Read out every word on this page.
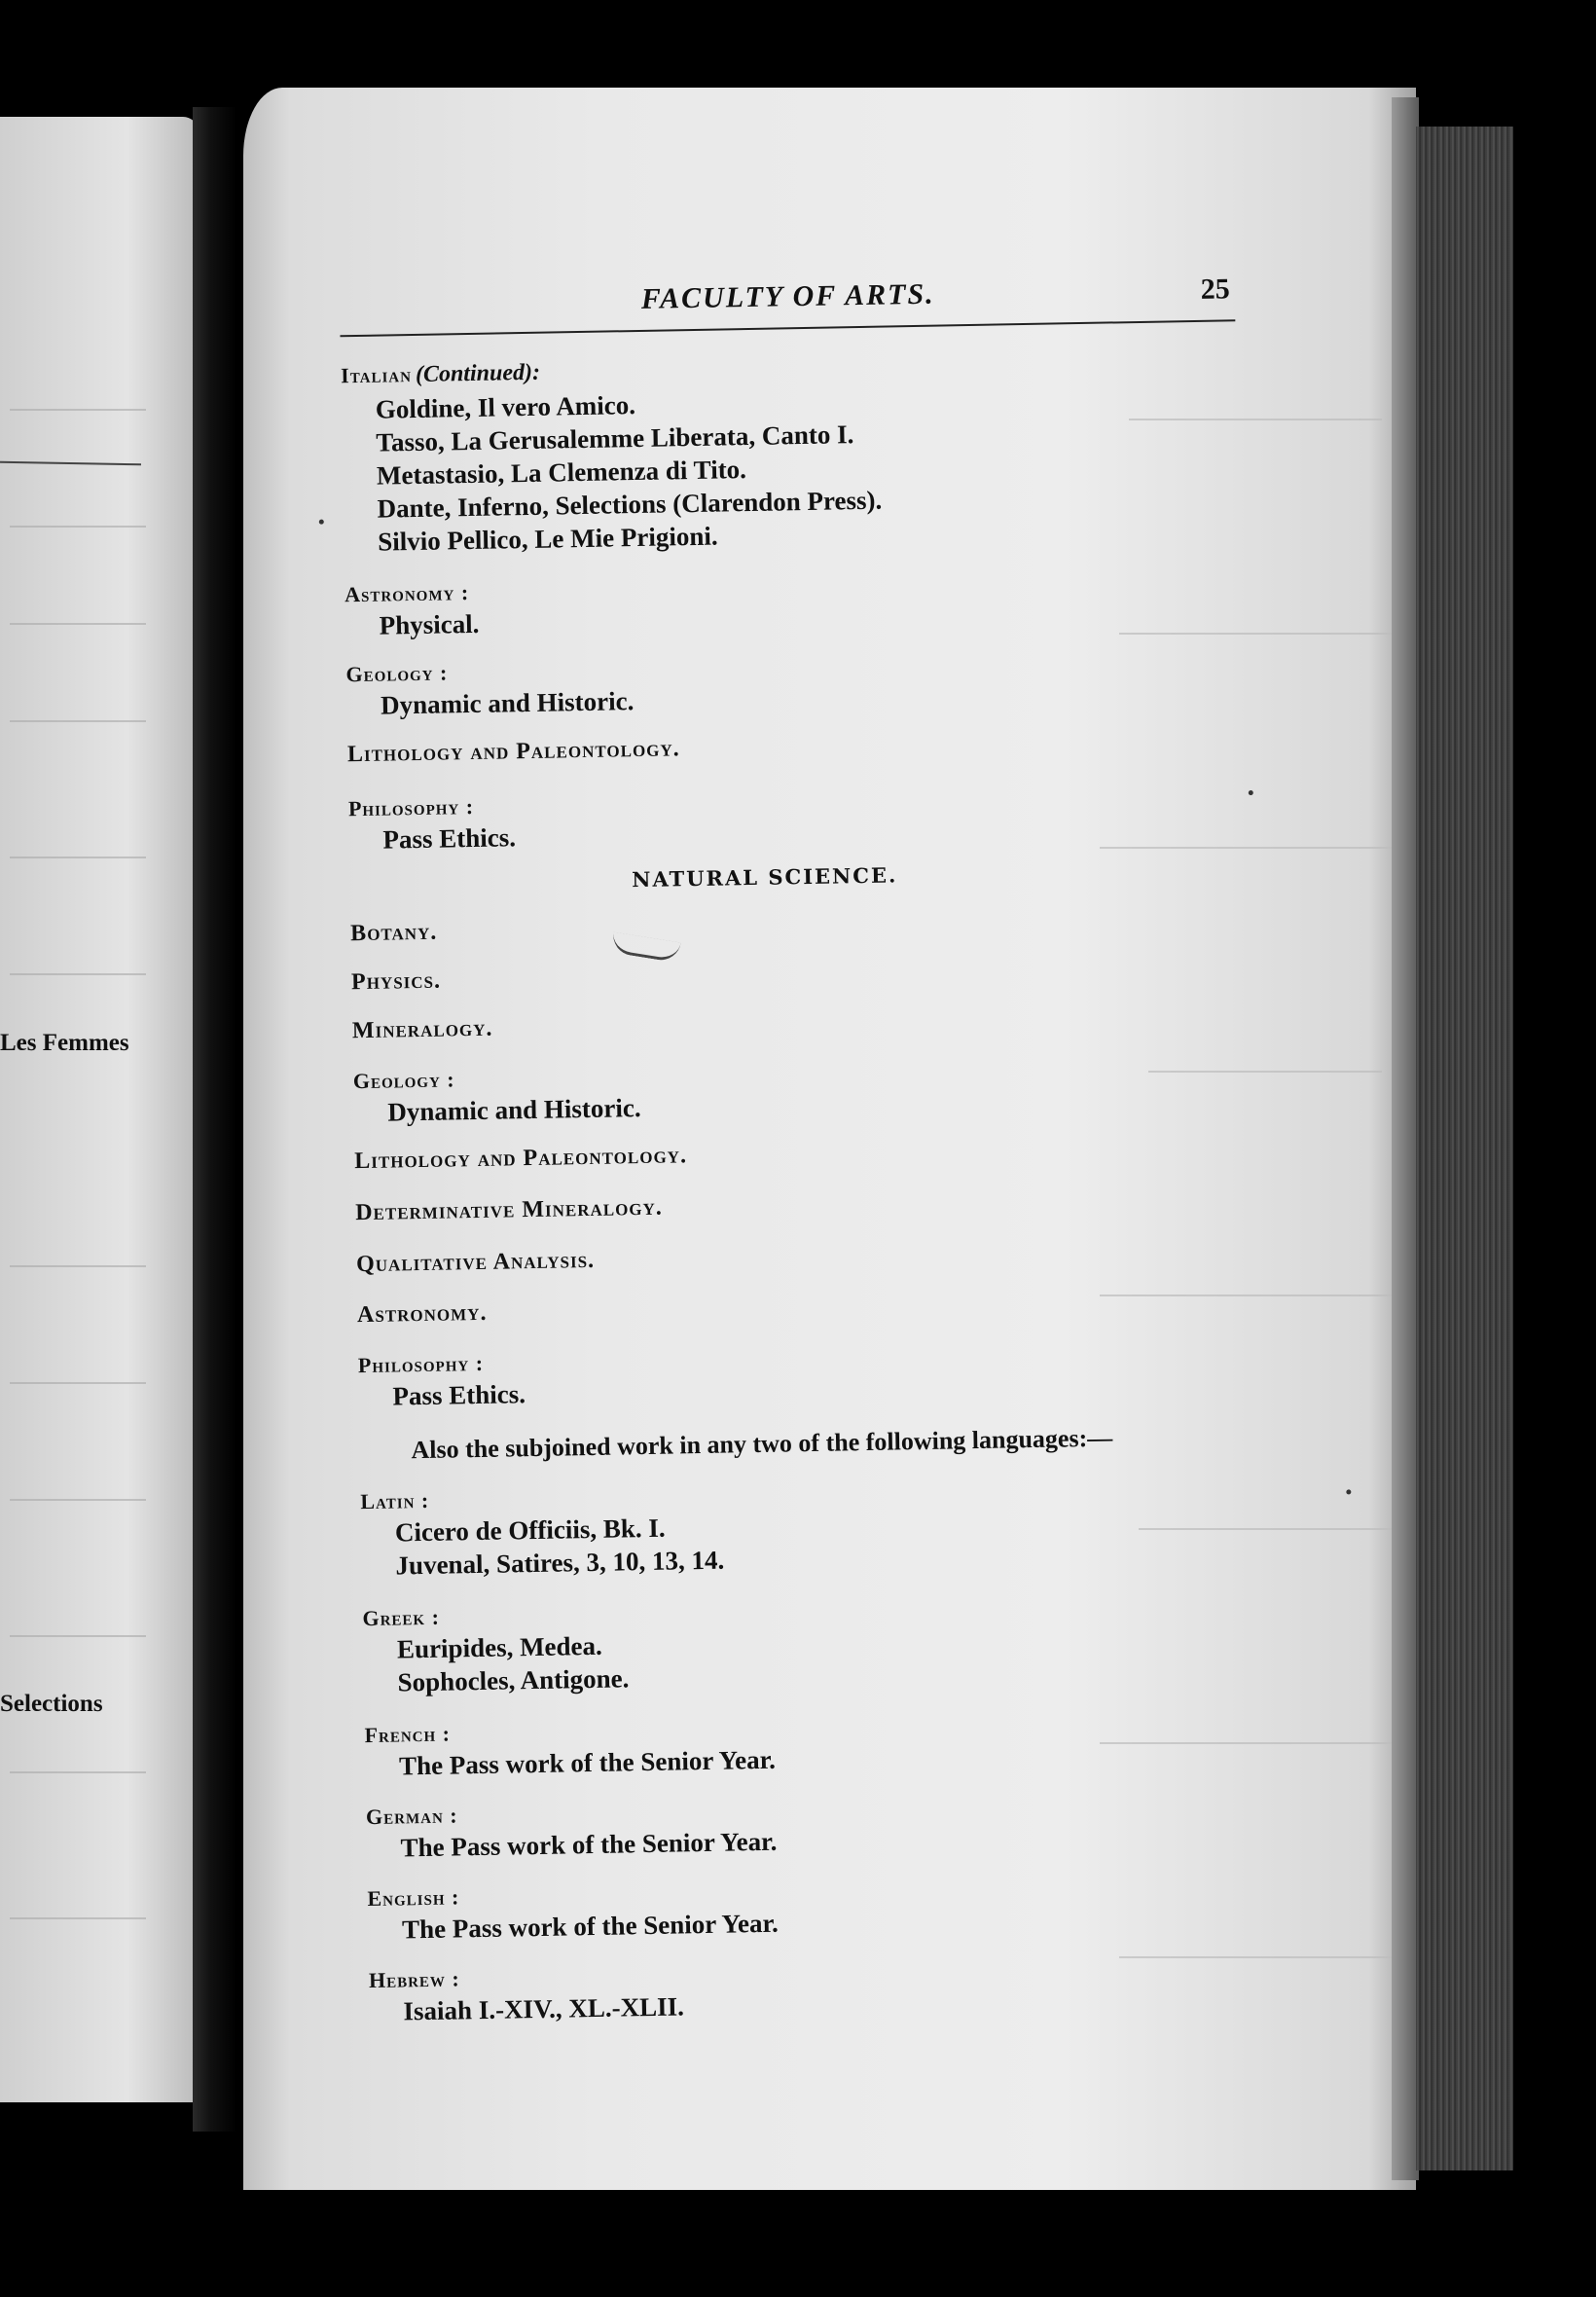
Les Femmes
Selections
FACULTY OF ARTS.	25
Italian (Continued):
Goldine, Il vero Amico.
Tasso, La Gerusalemme Liberata, Canto I.
Metastasio, La Clemenza di Tito.
Dante, Inferno, Selections (Clarendon Press).
Silvio Pellico, Le Mie Prigioni.
Astronomy :
Physical.
Geology :
Dynamic and Historic.
Lithology and Paleontology.
Philosophy :
Pass Ethics.
NATURAL SCIENCE.
Botany.
Physics.
Mineralogy.
Geology :
Dynamic and Historic.
Lithology and Paleontology.
Determinative Mineralogy.
Qualitative Analysis.
Astronomy.
Philosophy :
Pass Ethics.
Also the subjoined work in any two of the following languages:—
Latin :
Cicero de Officiis, Bk. I.
Juvenal, Satires, 3, 10, 13, 14.
Greek :
Euripides, Medea.
Sophocles, Antigone.
French :
The Pass work of the Senior Year.
German :
The Pass work of the Senior Year.
English :
The Pass work of the Senior Year.
Hebrew :
Isaiah I.-XIV., XL.-XLII.
